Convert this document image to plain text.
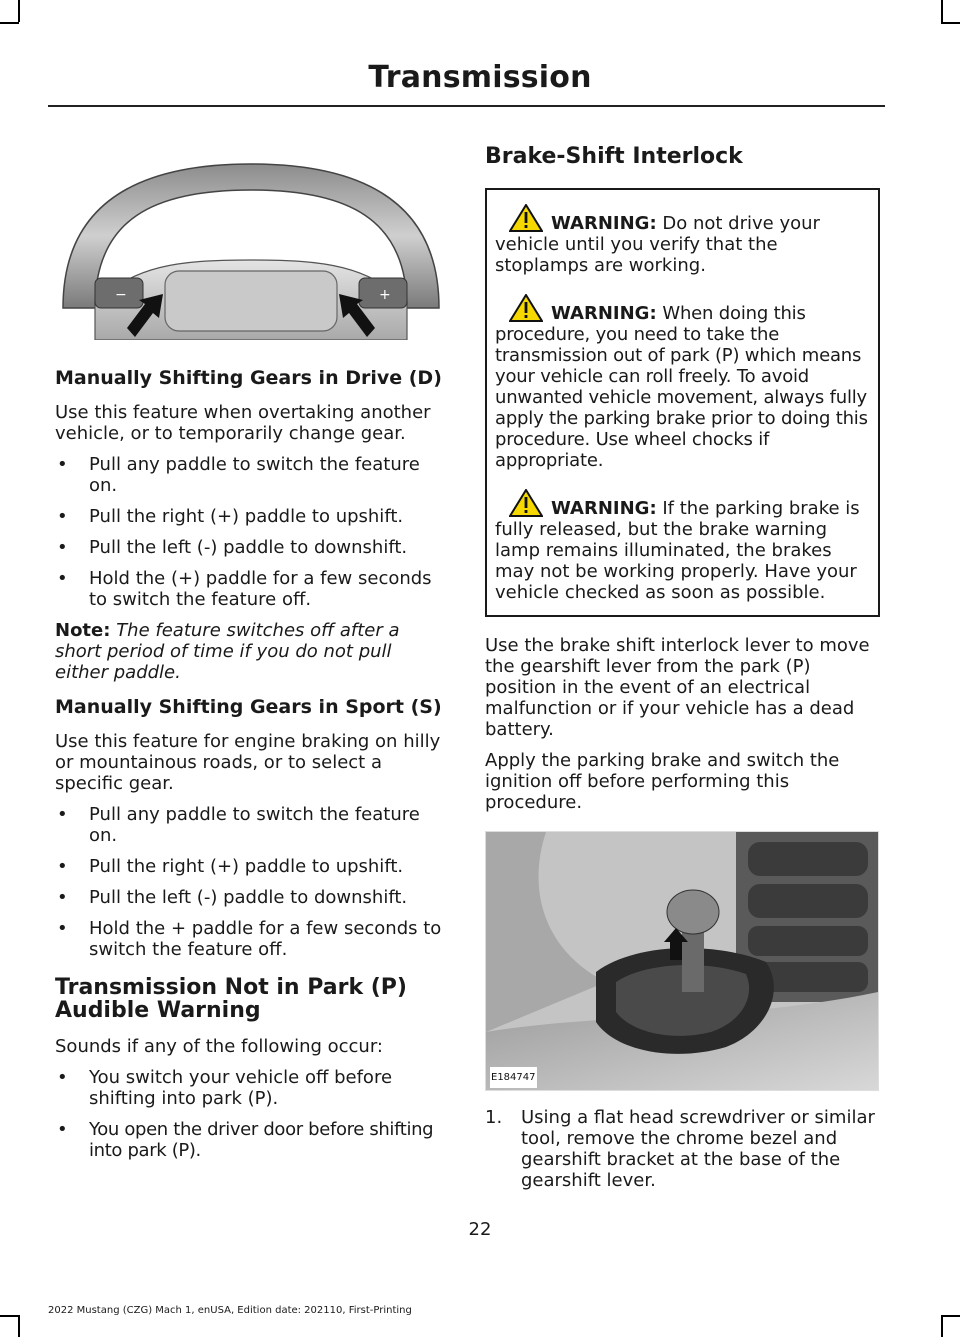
Transmission
−	+
Manually Shifting Gears in Drive (D)

Use this feature when overtaking another vehicle, or to temporarily change gear.

• Pull any paddle to switch the feature on.
• Pull the right (+) paddle to upshift.
• Pull the left (-) paddle to downshift.
• Hold the (+) paddle for a few seconds to switch the feature off.

Note: The feature switches off after a short period of time if you do not pull either paddle.

Manually Shifting Gears in Sport (S)

Use this feature for engine braking on hilly or mountainous roads, or to select a specific gear.

• Pull any paddle to switch the feature on.
• Pull the right (+) paddle to upshift.
• Pull the left (-) paddle to downshift.
• Hold the + paddle for a few seconds to switch the feature off.
Transmission Not in Park (P) Audible Warning

Sounds if any of the following occur:

• You switch your vehicle off before shifting into park (P).
• You open the driver door before shifting into park (P).
Brake-Shift Interlock

WARNING: Do not drive your vehicle until you verify that the stoplamps are working.

WARNING: When doing this procedure, you need to take the transmission out of park (P) which means your vehicle can roll freely. To avoid unwanted vehicle movement, always fully apply the parking brake prior to doing this procedure. Use wheel chocks if appropriate.

WARNING: If the parking brake is fully released, but the brake warning lamp remains illuminated, the brakes may not be working properly. Have your vehicle checked as soon as possible.

Use the brake shift interlock lever to move the gearshift lever from the park (P) position in the event of an electrical malfunction or if your vehicle has a dead battery.

Apply the parking brake and switch the ignition off before performing this procedure.

E184747
1. Using a flat head screwdriver or similar tool, remove the chrome bezel and gearshift bracket at the base of the gearshift lever.
22
2022 Mustang (CZG) Mach 1, enUSA, Edition date: 202110, First-Printing
